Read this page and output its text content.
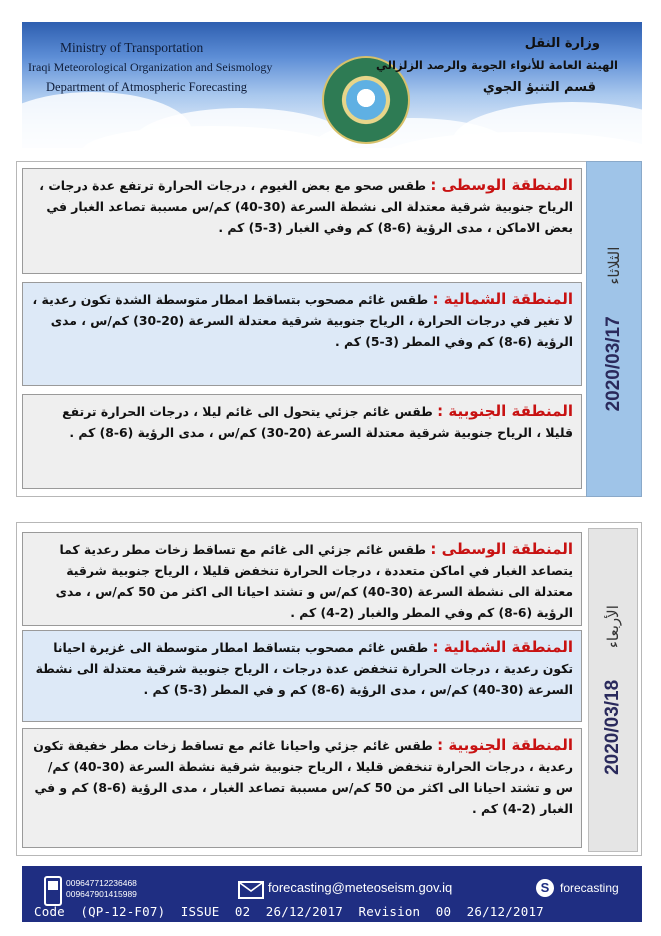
Ministry of Transportation
Iraqi Meteorological Organization and Seismology
Department of Atmospheric Forecasting
وزارة النقل
الهيئة العامة للأنواء الجوية والرصد الزلزالي
قسم التنبؤ الجوي
2020/03/17      الثلاثاء
المنطقة الوسطى : طقس صحو مع بعض الغيوم ، درجات الحرارة ترتفع عدة درجات ، الرياح جنوبية شرقية معتدلة الى نشطة السرعة (30-40) كم/س مسببة تصاعد الغبار في بعض الاماكن ، مدى الرؤية (6-8) كم وفي الغبار (3-5) كم .
المنطقة الشمالية : طقس غائم مصحوب بتساقط امطار متوسطة الشدة تكون رعدية ، لا تغير في درجات الحرارة ، الرياح جنوبية شرقية معتدلة السرعة (20-30) كم/س ، مدى الرؤية (6-8) كم وفي المطر (3-5) كم .
المنطقة الجنوبية : طقس غائم جزئي يتحول الى غائم ليلا ، درجات الحرارة ترتفع قليلا ، الرياح جنوبية شرقية معتدلة السرعة (20-30) كم/س ، مدى الرؤية (6-8) كم .
2020/03/18      الأربعاء
المنطقة الوسطى : طقس غائم جزئي الى غائم مع تساقط زخات مطر رعدية كما يتصاعد الغبار في اماكن متعددة ، درجات الحرارة تنخفض قليلا ، الرياح جنوبية شرقية معتدلة الى نشطة السرعة (30-40) كم/س و تشتد احيانا الى اكثر من 50 كم/س ، مدى الرؤية (6-8) كم وفي المطر والغبار (2-4) كم .
المنطقة الشمالية : طقس غائم مصحوب بتساقط امطار متوسطة الى غزيرة احيانا تكون رعدية ، درجات الحرارة تنخفض عدة درجات ، الرياح جنوبية شرقية معتدلة الى نشطة السرعة (30-40) كم/س ، مدى الرؤية (6-8) كم و في المطر (3-5) كم .
المنطقة الجنوبية : طقس غائم جزئي واحيانا غائم مع تساقط زخات مطر خفيفة تكون رعدية ، درجات الحرارة تنخفض قليلا ، الرياح جنوبية شرقية نشطة السرعة (30-40) كم/س و تشتد احيانا الى اكثر من 50 كم/س مسببة تصاعد الغبار ، مدى الرؤية (6-8) كم و في الغبار (2-4) كم .
009647712236468
009647901415989	forecasting@meteoseism.gov.iq	S forecasting
Code  (QP-12-F07)  ISSUE  02  26/12/2017  Revision  00  26/12/2017
